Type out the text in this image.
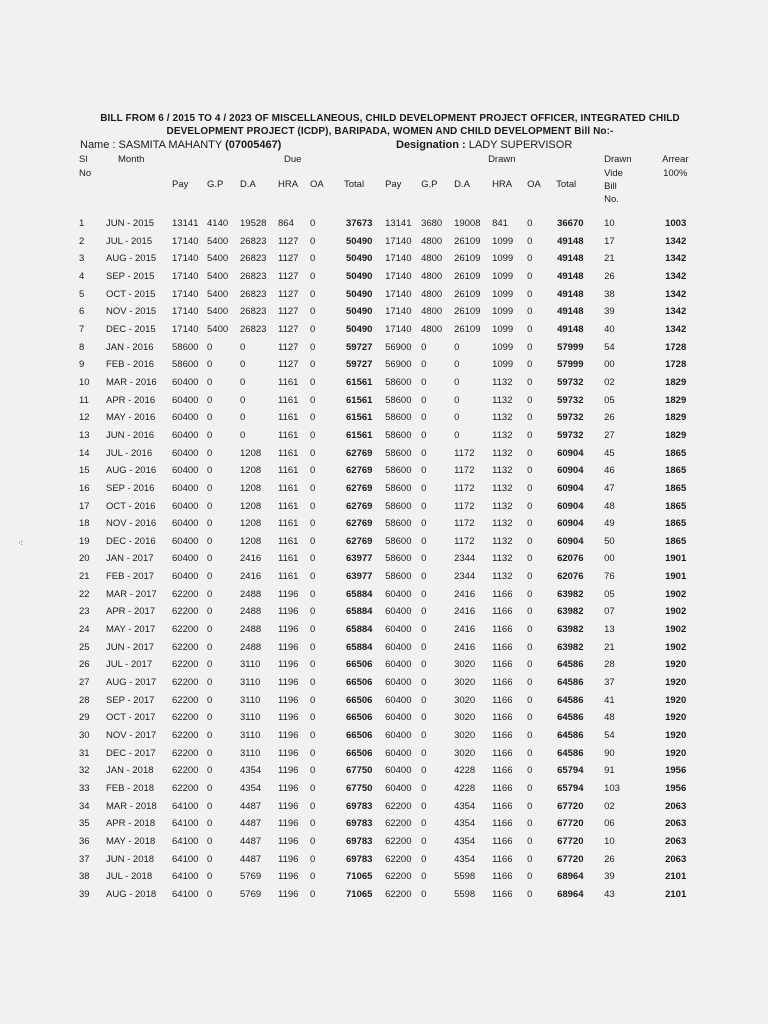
BILL FROM 6 / 2015 TO 4 / 2023 OF MISCELLANEOUS, CHILD DEVELOPMENT PROJECT OFFICER, INTEGRATED CHILD
DEVELOPMENT PROJECT (ICDP), BARIPADA, WOMEN AND CHILD DEVELOPMENT Bill No:-
Name : SASMITA MAHANTY (07005467)	Designation : LADY SUPERVISOR
Sl	Month	Due						Drawn						Drawn	Arrear
No		Pay	G.P	D.A	HRA	OA	Total	Pay	G.P	D.A	HRA	OA	Total	Vide
Bill
No.	100%
1	JUN - 2015	13141	4140	19528	864	0	37673	13141	3680	19008	841	0	36670	10	1003
2	JUL - 2015	17140	5400	26823	1127	0	50490	17140	4800	26109	1099	0	49148	17	1342
3	AUG - 2015	17140	5400	26823	1127	0	50490	17140	4800	26109	1099	0	49148	21	1342
4	SEP - 2015	17140	5400	26823	1127	0	50490	17140	4800	26109	1099	0	49148	26	1342
5	OCT - 2015	17140	5400	26823	1127	0	50490	17140	4800	26109	1099	0	49148	38	1342
6	NOV - 2015	17140	5400	26823	1127	0	50490	17140	4800	26109	1099	0	49148	39	1342
7	DEC - 2015	17140	5400	26823	1127	0	50490	17140	4800	26109	1099	0	49148	40	1342
8	JAN - 2016	58600	0	0	1127	0	59727	56900	0	0	1099	0	57999	54	1728
9	FEB - 2016	58600	0	0	1127	0	59727	56900	0	0	1099	0	57999	00	1728
10	MAR - 2016	60400	0	0	1161	0	61561	58600	0	0	1132	0	59732	02	1829
11	APR - 2016	60400	0	0	1161	0	61561	58600	0	0	1132	0	59732	05	1829
12	MAY - 2016	60400	0	0	1161	0	61561	58600	0	0	1132	0	59732	26	1829
13	JUN - 2016	60400	0	0	1161	0	61561	58600	0	0	1132	0	59732	27	1829
14	JUL - 2016	60400	0	1208	1161	0	62769	58600	0	1172	1132	0	60904	45	1865
15	AUG - 2016	60400	0	1208	1161	0	62769	58600	0	1172	1132	0	60904	46	1865
16	SEP - 2016	60400	0	1208	1161	0	62769	58600	0	1172	1132	0	60904	47	1865
17	OCT - 2016	60400	0	1208	1161	0	62769	58600	0	1172	1132	0	60904	48	1865
18	NOV - 2016	60400	0	1208	1161	0	62769	58600	0	1172	1132	0	60904	49	1865
19	DEC - 2016	60400	0	1208	1161	0	62769	58600	0	1172	1132	0	60904	50	1865
20	JAN - 2017	60400	0	2416	1161	0	63977	58600	0	2344	1132	0	62076	00	1901
21	FEB - 2017	60400	0	2416	1161	0	63977	58600	0	2344	1132	0	62076	76	1901
22	MAR - 2017	62200	0	2488	1196	0	65884	60400	0	2416	1166	0	63982	05	1902
23	APR - 2017	62200	0	2488	1196	0	65884	60400	0	2416	1166	0	63982	07	1902
24	MAY - 2017	62200	0	2488	1196	0	65884	60400	0	2416	1166	0	63982	13	1902
25	JUN - 2017	62200	0	2488	1196	0	65884	60400	0	2416	1166	0	63982	21	1902
26	JUL - 2017	62200	0	3110	1196	0	66506	60400	0	3020	1166	0	64586	28	1920
27	AUG - 2017	62200	0	3110	1196	0	66506	60400	0	3020	1166	0	64586	37	1920
28	SEP - 2017	62200	0	3110	1196	0	66506	60400	0	3020	1166	0	64586	41	1920
29	OCT - 2017	62200	0	3110	1196	0	66506	60400	0	3020	1166	0	64586	48	1920
30	NOV - 2017	62200	0	3110	1196	0	66506	60400	0	3020	1166	0	64586	54	1920
31	DEC - 2017	62200	0	3110	1196	0	66506	60400	0	3020	1166	0	64586	90	1920
32	JAN - 2018	62200	0	4354	1196	0	67750	60400	0	4228	1166	0	65794	91	1956
33	FEB - 2018	62200	0	4354	1196	0	67750	60400	0	4228	1166	0	65794	103	1956
34	MAR - 2018	64100	0	4487	1196	0	69783	62200	0	4354	1166	0	67720	02	2063
35	APR - 2018	64100	0	4487	1196	0	69783	62200	0	4354	1166	0	67720	06	2063
36	MAY - 2018	64100	0	4487	1196	0	69783	62200	0	4354	1166	0	67720	10	2063
37	JUN - 2018	64100	0	4487	1196	0	69783	62200	0	4354	1166	0	67720	26	2063
38	JUL - 2018	64100	0	5769	1196	0	71065	62200	0	5598	1166	0	68964	39	2101
39	AUG - 2018	64100	0	5769	1196	0	71065	62200	0	5598	1166	0	68964	43	2101
⁖
